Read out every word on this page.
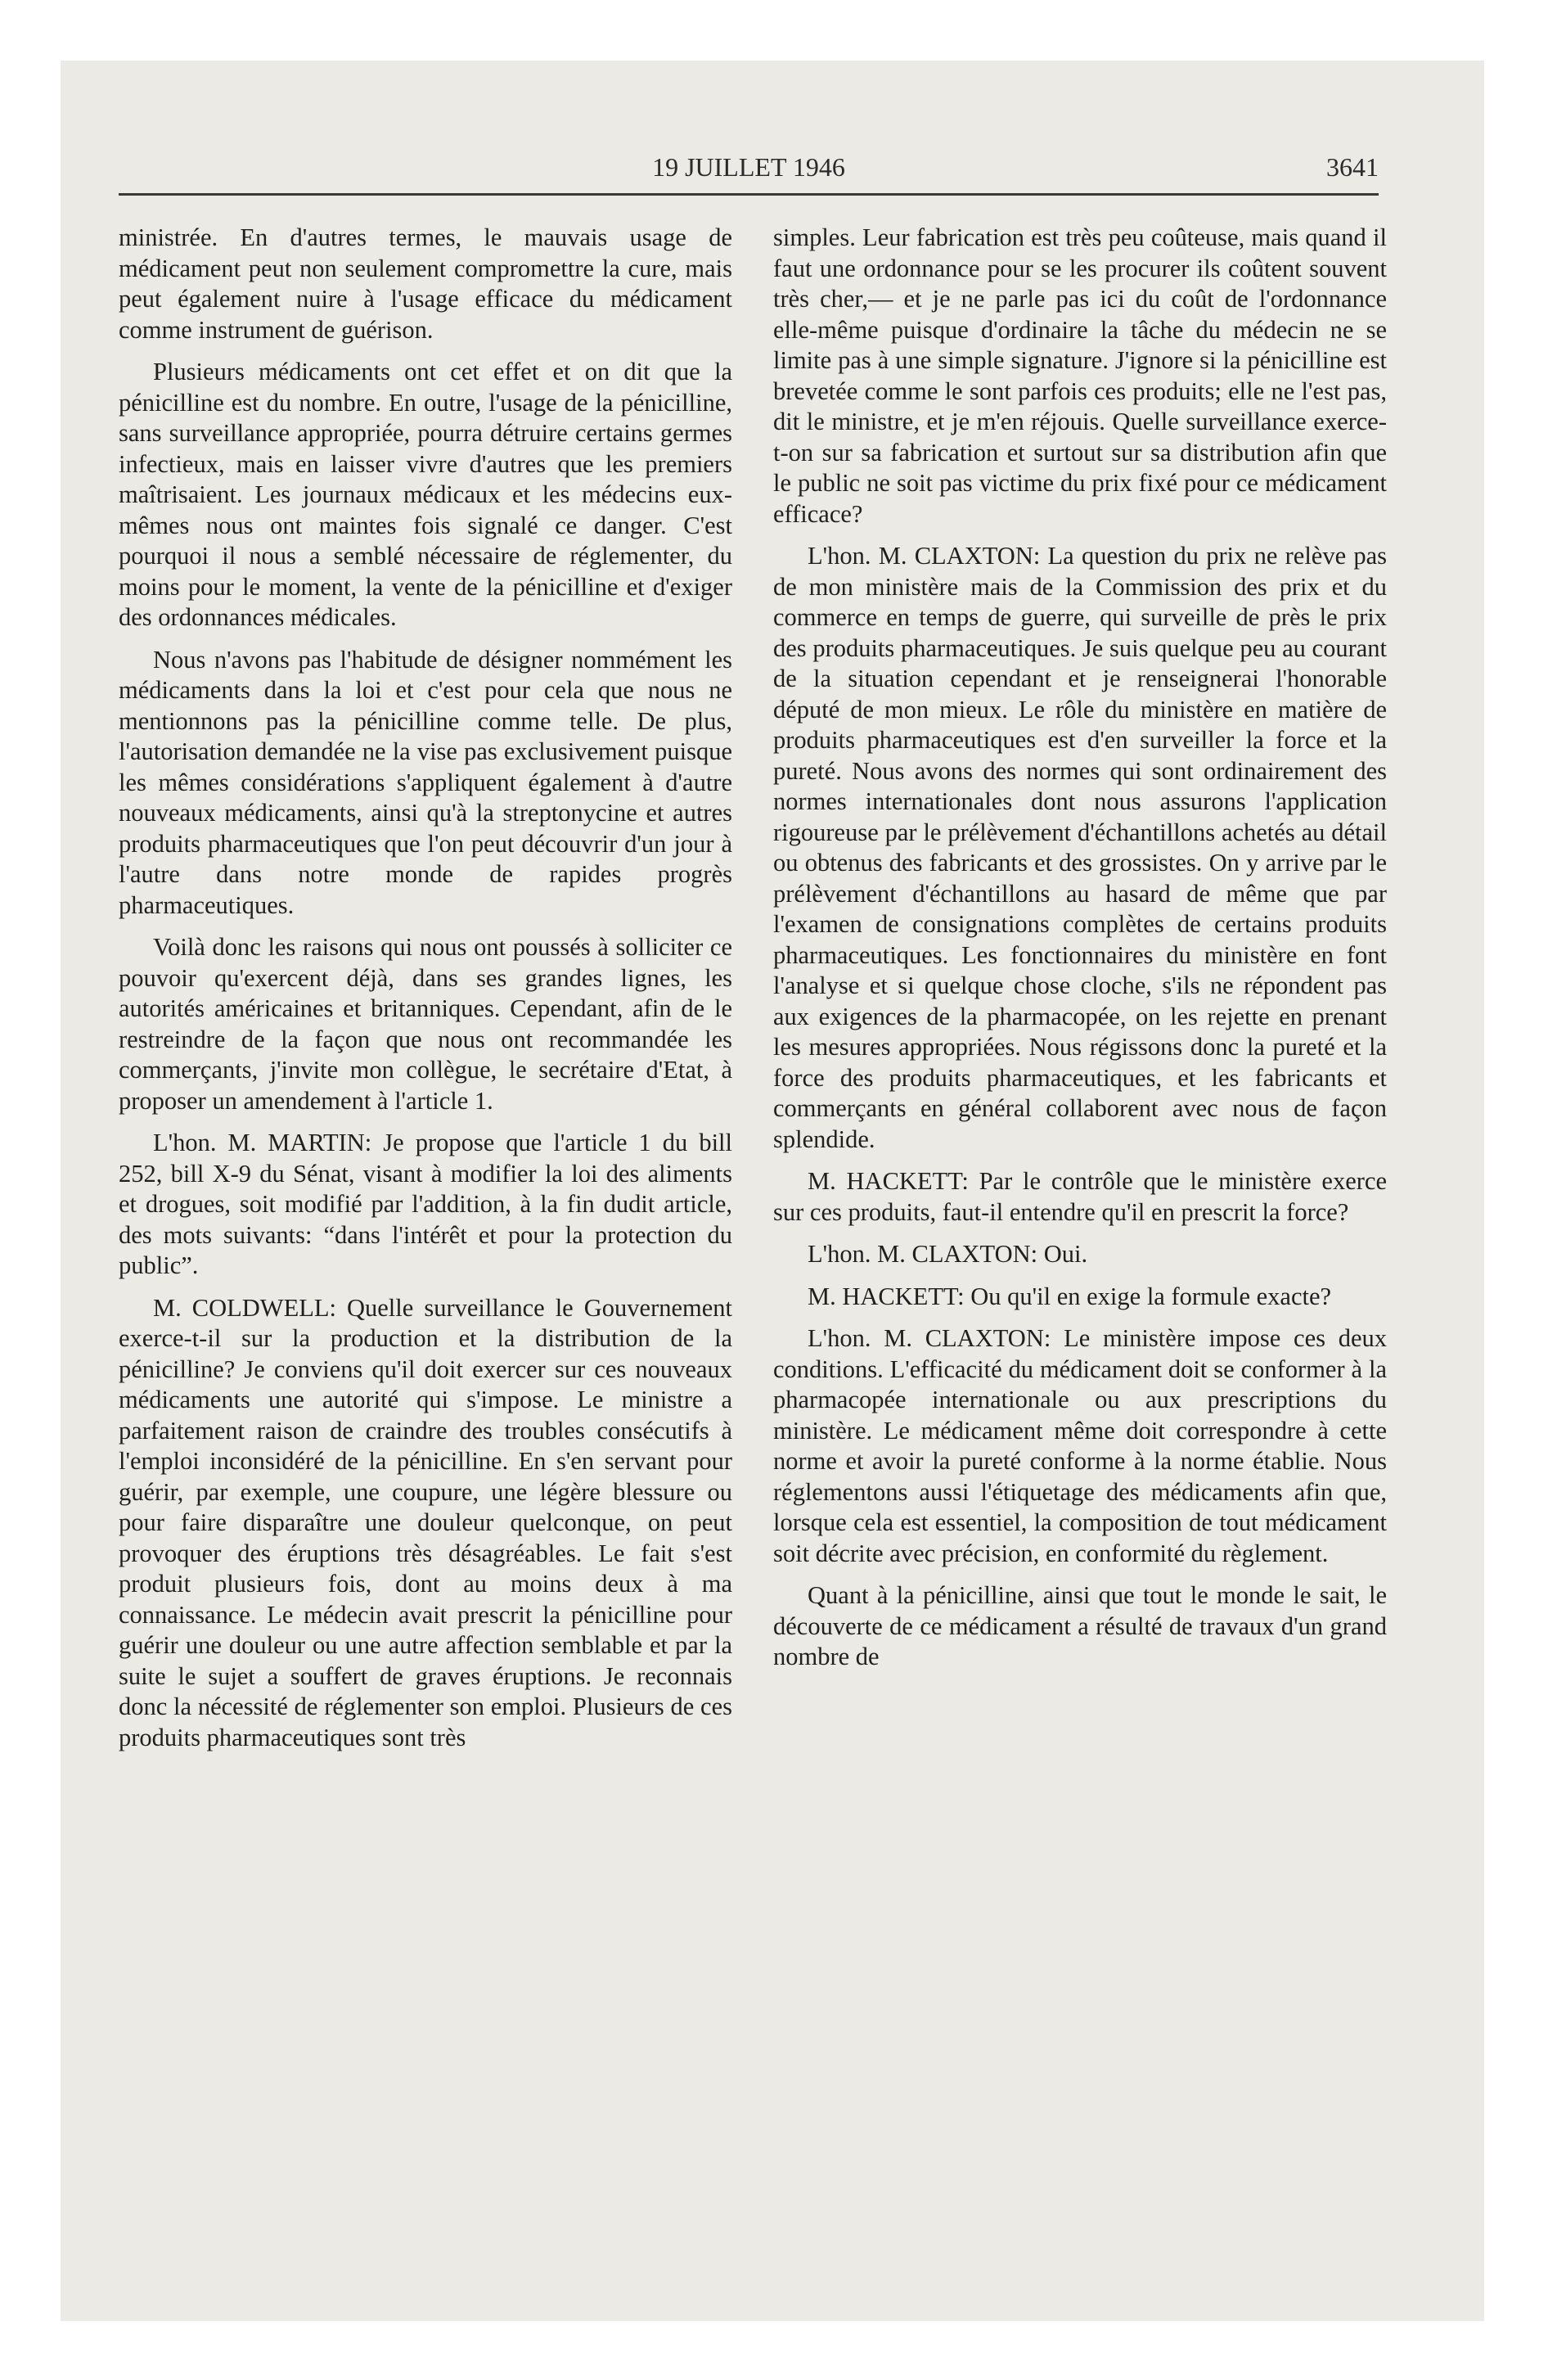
19 JUILLET 1946	3641

ministrée. En d'autres termes, le mauvais usage de médicament peut non seulement compromettre la cure, mais peut également nuire à l'usage efficace du médicament comme instrument de guérison.

Plusieurs médicaments ont cet effet et on dit que la pénicilline est du nombre. En outre, l'usage de la pénicilline, sans surveillance appropriée, pourra détruire certains germes infectieux, mais en laisser vivre d'autres que les premiers maîtrisaient. Les journaux médicaux et les médecins eux-mêmes nous ont maintes fois signalé ce danger. C'est pourquoi il nous a semblé nécessaire de réglementer, du moins pour le moment, la vente de la pénicilline et d'exiger des ordonnances médicales.

Nous n'avons pas l'habitude de désigner nommément les médicaments dans la loi et c'est pour cela que nous ne mentionnons pas la pénicilline comme telle. De plus, l'autorisation demandée ne la vise pas exclusivement puisque les mêmes considérations s'appliquent également à d'autre nouveaux médicaments, ainsi qu'à la streptonycine et autres produits pharmaceutiques que l'on peut découvrir d'un jour à l'autre dans notre monde de rapides progrès pharmaceutiques.

Voilà donc les raisons qui nous ont poussés à solliciter ce pouvoir qu'exercent déjà, dans ses grandes lignes, les autorités américaines et britanniques. Cependant, afin de le restreindre de la façon que nous ont recommandée les commerçants, j'invite mon collègue, le secrétaire d'Etat, à proposer un amendement à l'article 1.

L'hon. M. MARTIN: Je propose que l'article 1 du bill 252, bill X-9 du Sénat, visant à modifier la loi des aliments et drogues, soit modifié par l'addition, à la fin dudit article, des mots suivants: “dans l'intérêt et pour la protection du public”.

M. COLDWELL: Quelle surveillance le Gouvernement exerce-t-il sur la production et la distribution de la pénicilline? Je conviens qu'il doit exercer sur ces nouveaux médicaments une autorité qui s'impose. Le ministre a parfaitement raison de craindre des troubles consécutifs à l'emploi inconsidéré de la pénicilline. En s'en servant pour guérir, par exemple, une coupure, une légère blessure ou pour faire disparaître une douleur quelconque, on peut provoquer des éruptions très désagréables. Le fait s'est produit plusieurs fois, dont au moins deux à ma connaissance. Le médecin avait prescrit la pénicilline pour guérir une douleur ou une autre affection semblable et par la suite le sujet a souffert de graves éruptions. Je reconnais donc la nécessité de réglementer son emploi. Plusieurs de ces produits pharmaceutiques sont très

simples. Leur fabrication est très peu coûteuse, mais quand il faut une ordonnance pour se les procurer ils coûtent souvent très cher,— et je ne parle pas ici du coût de l'ordonnance elle-même puisque d'ordinaire la tâche du médecin ne se limite pas à une simple signature. J'ignore si la pénicilline est brevetée comme le sont parfois ces produits; elle ne l'est pas, dit le ministre, et je m'en réjouis. Quelle surveillance exerce-t-on sur sa fabrication et surtout sur sa distribution afin que le public ne soit pas victime du prix fixé pour ce médicament efficace?

L'hon. M. CLAXTON: La question du prix ne relève pas de mon ministère mais de la Commission des prix et du commerce en temps de guerre, qui surveille de près le prix des produits pharmaceutiques. Je suis quelque peu au courant de la situation cependant et je renseignerai l'honorable député de mon mieux. Le rôle du ministère en matière de produits pharmaceutiques est d'en surveiller la force et la pureté. Nous avons des normes qui sont ordinairement des normes internationales dont nous assurons l'application rigoureuse par le prélèvement d'échantillons achetés au détail ou obtenus des fabricants et des grossistes. On y arrive par le prélèvement d'échantillons au hasard de même que par l'examen de consignations complètes de certains produits pharmaceutiques. Les fonctionnaires du ministère en font l'analyse et si quelque chose cloche, s'ils ne répondent pas aux exigences de la pharmacopée, on les rejette en prenant les mesures appropriées. Nous régissons donc la pureté et la force des produits pharmaceutiques, et les fabricants et commerçants en général collaborent avec nous de façon splendide.

M. HACKETT: Par le contrôle que le ministère exerce sur ces produits, faut-il entendre qu'il en prescrit la force?

L'hon. M. CLAXTON: Oui.

M. HACKETT: Ou qu'il en exige la formule exacte?

L'hon. M. CLAXTON: Le ministère impose ces deux conditions. L'efficacité du médicament doit se conformer à la pharmacopée internationale ou aux prescriptions du ministère. Le médicament même doit correspondre à cette norme et avoir la pureté conforme à la norme établie. Nous réglementons aussi l'étiquetage des médicaments afin que, lorsque cela est essentiel, la composition de tout médicament soit décrite avec précision, en conformité du règlement.

Quant à la pénicilline, ainsi que tout le monde le sait, le découverte de ce médicament a résulté de travaux d'un grand nombre de
